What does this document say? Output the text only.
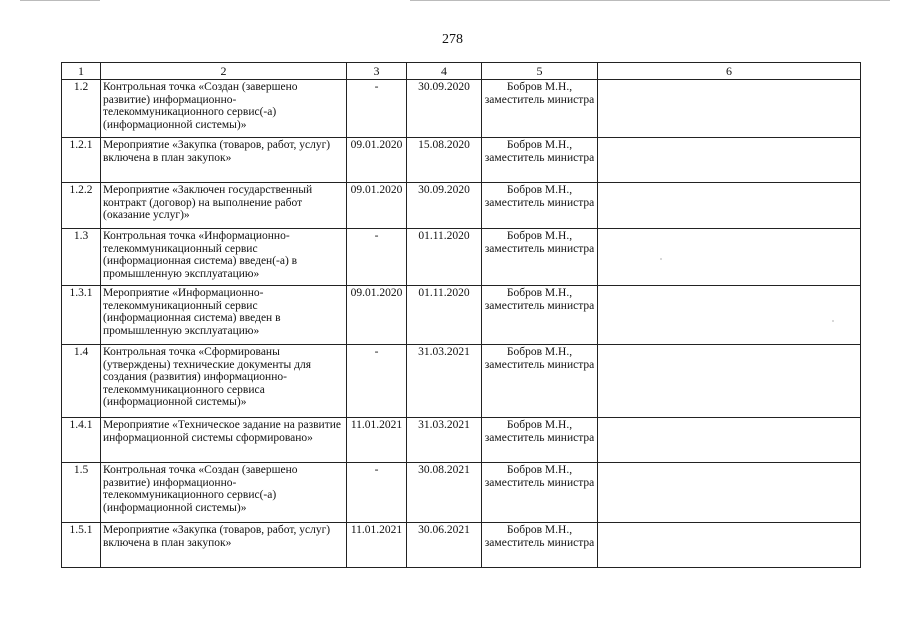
278
1	2	3	4	5	6
1.2	Контрольная точка «Создан (завершено развитие) информационно-телекоммуникационного сервис(-а) (информационной системы)»	-	30.09.2020	Бобров М.Н., заместитель министра	
1.2.1	Мероприятие «Закупка (товаров, работ, услуг) включена в план закупок»	09.01.2020	15.08.2020	Бобров М.Н., заместитель министра	
1.2.2	Мероприятие «Заключен государственный контракт (договор) на выполнение работ (оказание услуг)»	09.01.2020	30.09.2020	Бобров М.Н., заместитель министра	
1.3	Контрольная точка «Информационно-телекоммуникационный сервис (информационная система) введен(-а) в промышленную эксплуатацию»	-	01.11.2020	Бобров М.Н., заместитель министра	
1.3.1	Мероприятие «Информационно-телекоммуникационный сервис (информационная система) введен в промышленную эксплуатацию»	09.01.2020	01.11.2020	Бобров М.Н., заместитель министра	
1.4	Контрольная точка «Сформированы (утверждены) технические документы для создания (развития) информационно-телекоммуникационного сервиса (информационной системы)»	-	31.03.2021	Бобров М.Н., заместитель министра	
1.4.1	Мероприятие «Техническое задание на развитие информационной системы сформировано»	11.01.2021	31.03.2021	Бобров М.Н., заместитель министра	
1.5	Контрольная точка «Создан (завершено развитие) информационно-телекоммуникационного сервис(-а) (информационной системы)»	-	30.08.2021	Бобров М.Н., заместитель министра	
1.5.1	Мероприятие «Закупка (товаров, работ, услуг) включена в план закупок»	11.01.2021	30.06.2021	Бобров М.Н., заместитель министра	
